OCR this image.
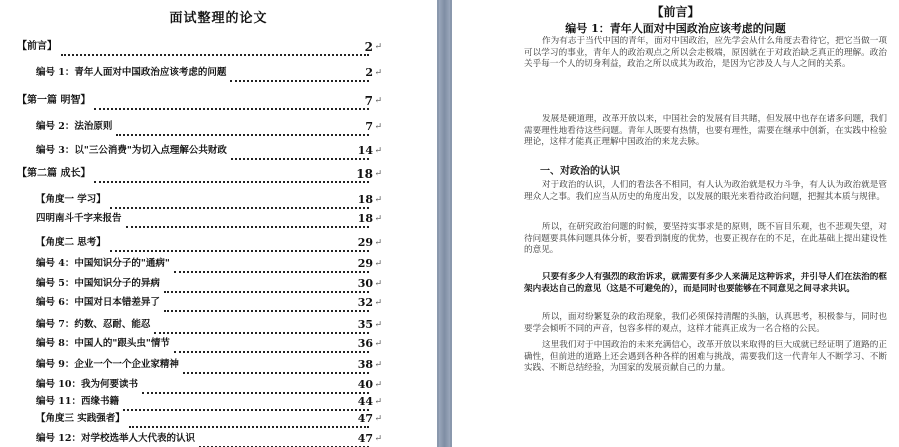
面试整理的论文
【前言】	2 ↵
编号 1：青年人面对中国政治应该考虑的问题	2 ↵
【第一篇 明智】	7 ↵
编号 2：法治原则	7 ↵
编号 3：以"三公消费"为切入点理解公共财政	14 ↵
【第二篇 成长】	18 ↵
【角度一 学习】	18 ↵
四明南斗千字来报告	18 ↵
【角度二 思考】	29 ↵
编号 4：中国知识分子的"通病"	29 ↵
编号 5：中国知识分子的异病	30 ↵
编号 6：中国对日本错差异了	32 ↵
编号 7：约数、忍耐、能忍	35 ↵
编号 8：中国人的"跟头虫"情节	36 ↵
编号 9：企业一个一个企业家精神	38 ↵
编号 10：我为何要读书	40 ↵
编号 11：西缘书籍	44 ↵
【角度三 实践强者】	47 ↵
编号 12：对学校选举人大代表的认识	47 ↵
【前言】
编号 1：青年人面对中国政治应该考虑的问题
作为有志于当代中国的青年，面对中国政治，应先学会从什么角度去看待它，把它当做一项可以学习的事业，青年人的政治观点之所以会走极端，原因就在于对政治缺乏真正的理解。政治关乎每一个人的切身利益，政治之所以成其为政治，是因为它涉及人与人之间的关系。
发展是硬道理，改革开放以来，中国社会的发展有目共睹，但发展中也存在诸多问题，我们需要理性地看待这些问题。青年人既要有热情，也要有理性，需要在继承中创新，在实践中检验理论，这样才能真正理解中国政治的来龙去脉。
一、对政治的认识
对于政治的认识，人们的看法各不相同，有人认为政治就是权力斗争，有人认为政治就是管理众人之事。我们应当从历史的角度出发，以发展的眼光来看待政治问题，把握其本质与规律。
所以，在研究政治问题的时候，要坚持实事求是的原则，既不盲目乐观，也不悲观失望，对待问题要具体问题具体分析，要看到制度的优势，也要正视存在的不足，在此基础上提出建设性的意见。
只要有多少人有强烈的政治诉求，就需要有多少人来满足这种诉求，并引导人们在法治的框架内表达自己的意见（这是不可避免的），而是同时也要能够在不同意见之间寻求共识。
所以，面对纷繁复杂的政治现象，我们必须保持清醒的头脑，认真思考，积极参与，同时也要学会倾听不同的声音，包容多样的观点，这样才能真正成为一名合格的公民。
这里我们对于中国政治的未来充满信心，改革开放以来取得的巨大成就已经证明了道路的正确性，但前进的道路上还会遇到各种各样的困难与挑战，需要我们这一代青年人不断学习、不断实践、不断总结经验，为国家的发展贡献自己的力量。
